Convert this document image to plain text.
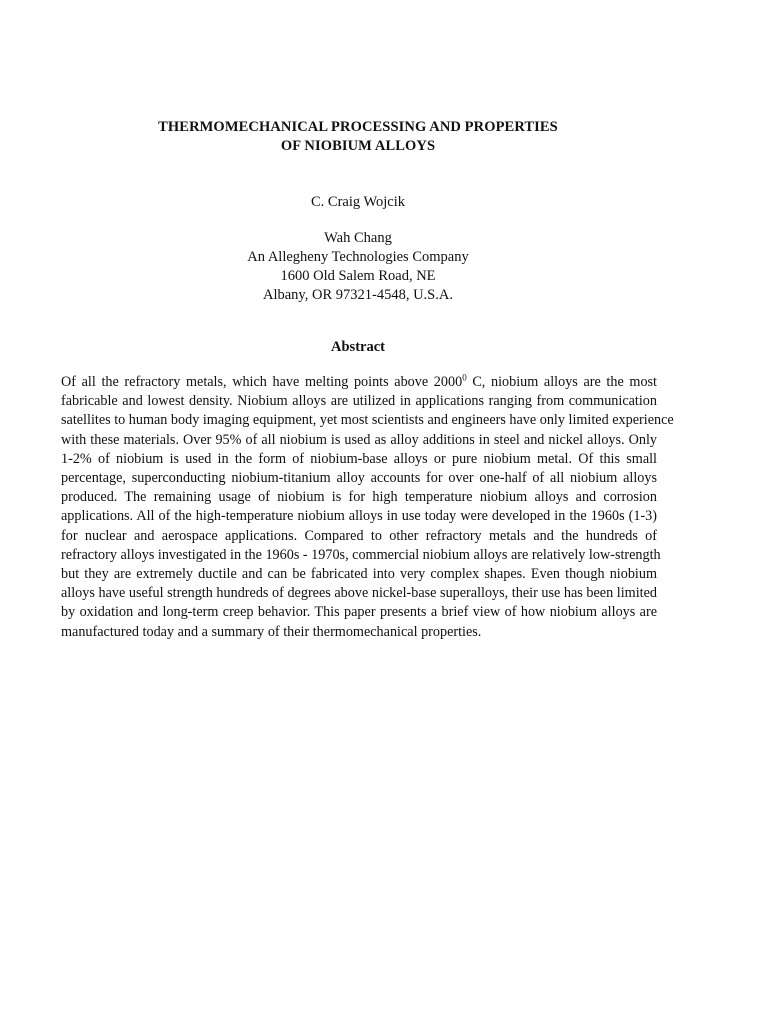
THERMOMECHANICAL PROCESSING AND PROPERTIES
OF NIOBIUM ALLOYS
C. Craig Wojcik
Wah Chang
An Allegheny Technologies Company
1600 Old Salem Road, NE
Albany, OR 97321-4548, U.S.A.
Abstract
Of all the refractory metals, which have melting points above 2000$^0$ C, niobium alloys are the most
fabricable and lowest density. Niobium alloys are utilized in applications ranging from communication
satellites to human body imaging equipment, yet most scientists and engineers have only limited experience
with these materials. Over 95% of all niobium is used as alloy additions in steel and nickel alloys. Only
1-2% of niobium is used in the form of niobium-base alloys or pure niobium metal. Of this small
percentage, superconducting niobium-titanium alloy accounts for over one-half of all niobium alloys
produced. The remaining usage of niobium is for high temperature niobium alloys and corrosion
applications. All of the high-temperature niobium alloys in use today were developed in the 1960s (1-3)
for nuclear and aerospace applications. Compared to other refractory metals and the hundreds of
refractory alloys investigated in the 1960s - 1970s, commercial niobium alloys are relatively low-strength
but they are extremely ductile and can be fabricated into very complex shapes. Even though niobium
alloys have useful strength hundreds of degrees above nickel-base superalloys, their use has been limited
by oxidation and long-term creep behavior. This paper presents a brief view of how niobium alloys are
manufactured today and a summary of their thermomechanical properties.
